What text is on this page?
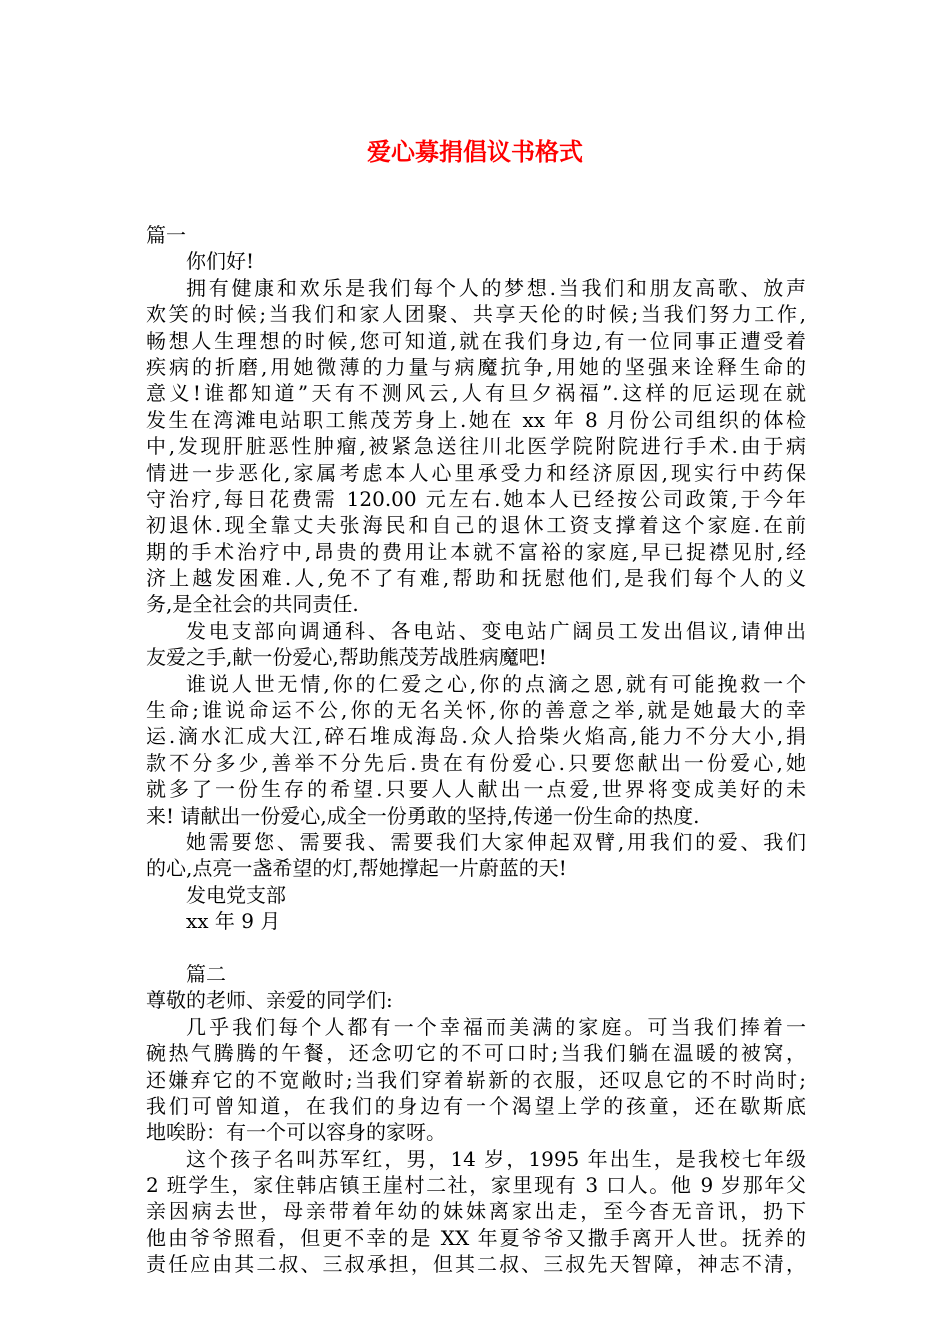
爱心募捐倡议书格式
篇一
你们好!
拥有健康和欢乐是我们每个人的梦想.当我们和朋友高歌、放声
欢笑的时候;当我们和家人团聚、共享天伦的时候;当我们努力工作,
畅想人生理想的时候,您可知道,就在我们身边,有一位同事正遭受着
疾病的折磨,用她微薄的力量与病魔抗争,用她的坚强来诠释生命的
意义!谁都知道”天有不测风云,人有旦夕祸福”.这样的厄运现在就
发生在湾滩电站职工熊茂芳身上.她在 xx 年 8 月份公司组织的体检
中,发现肝脏恶性肿瘤,被紧急送往川北医学院附院进行手术.由于病
情进一步恶化,家属考虑本人心里承受力和经济原因,现实行中药保
守治疗,每日花费需 120.00 元左右.她本人已经按公司政策,于今年
初退休.现全靠丈夫张海民和自己的退休工资支撑着这个家庭.在前
期的手术治疗中,昂贵的费用让本就不富裕的家庭,早已捉襟见肘,经
济上越发困难.人,免不了有难,帮助和抚慰他们,是我们每个人的义
务,是全社会的共同责任.
发电支部向调通科、各电站、变电站广阔员工发出倡议,请伸出
友爱之手,献一份爱心,帮助熊茂芳战胜病魔吧!
谁说人世无情,你的仁爱之心,你的点滴之恩,就有可能挽救一个
生命;谁说命运不公,你的无名关怀,你的善意之举,就是她最大的幸
运.滴水汇成大江,碎石堆成海岛.众人拾柴火焰高,能力不分大小,捐
款不分多少,善举不分先后.贵在有份爱心.只要您献出一份爱心,她
就多了一份生存的希望.只要人人献出一点爱,世界将变成美好的未
来! 请献出一份爱心,成全一份勇敢的坚持,传递一份生命的热度.
她需要您、需要我、需要我们大家伸起双臂,用我们的爱、我们
的心,点亮一盏希望的灯,帮她撑起一片蔚蓝的天!
发电党支部
xx 年 9 月
篇二
尊敬的老师、亲爱的同学们:
几乎我们每个人都有一个幸福而美满的家庭。可当我们捧着一
碗热气腾腾的午餐，还念叨它的不可口时;当我们躺在温暖的被窝，
还嫌弃它的不宽敞时;当我们穿着崭新的衣服，还叹息它的不时尚时;
我们可曾知道，在我们的身边有一个渴望上学的孩童，还在歇斯底
地唉盼：有一个可以容身的家呀。
这个孩子名叫苏军红，男，14 岁，1995 年出生，是我校七年级
2 班学生，家住韩店镇王崖村二社，家里现有 3 口人。他 9 岁那年父
亲因病去世，母亲带着年幼的妹妹离家出走，至今杳无音讯，扔下
他由爷爷照看，但更不幸的是 XX 年夏爷爷又撒手离开人世。抚养的
责任应由其二叔、三叔承担，但其二叔、三叔先天智障，神志不清，
